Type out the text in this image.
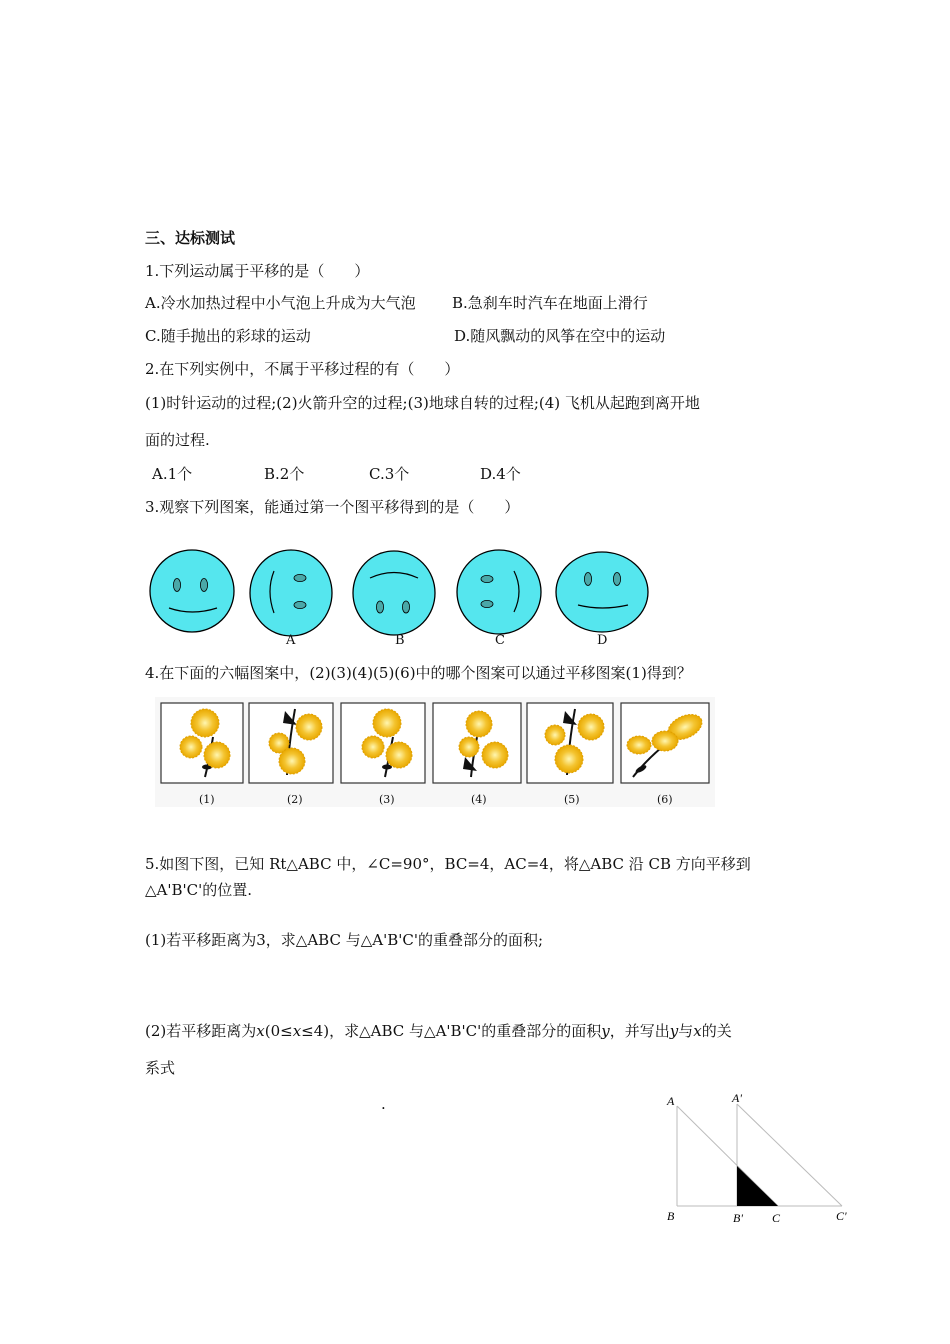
三、达标测试
1.下列运动属于平移的是（　　）
A.冷水加热过程中小气泡上升成为大气泡 B.急刹车时汽车在地面上滑行
C.随手抛出的彩球的运动	D.随风飘动的风筝在空中的运动
2.在下列实例中，不属于平移过程的有（　　）
(1)时针运动的过程;(2)火箭升空的过程;(3)地球自转的过程;(4) 飞机从起跑到离开地
面的过程.
A.1个	B.2个	C.3个	D.4个
3.观察下列图案，能通过第一个图平移得到的是（　　）
A	B	C	D
4.在下面的六幅图案中，(2)(3)(4)(5)(6)中的哪个图案可以通过平移图案(1)得到？
(1)	(2)	(3)	(4)	(5)	(6)
5.如图下图，已知 Rt△ABC 中，∠C=90°，BC=4，AC=4，将△ABC 沿 CB 方向平移到
△A'B'C'的位置.
(1)若平移距离为3，求△ABC 与△A'B'C'的重叠部分的面积;
(2)若平移距离为x(0≤x≤4)，求△ABC 与△A'B'C'的重叠部分的面积y，并写出y与x的关
系式
.	A	A'
B	B' C	C'
